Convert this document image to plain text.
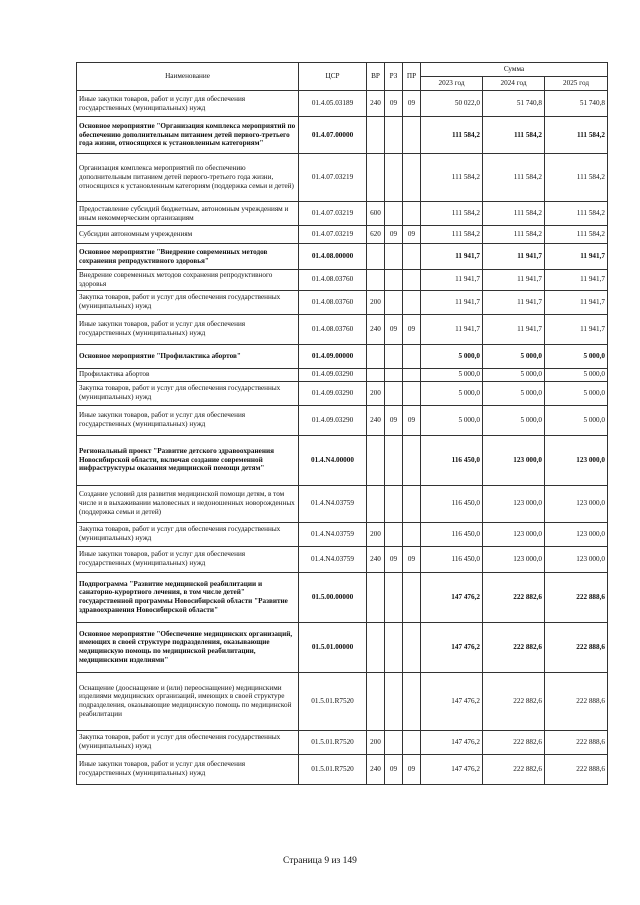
Наименование	ЦСР	ВР	РЗ	ПР	Сумма		
					2023 год	2024 год	2025 год
Иные закупки товаров, работ и услуг для обеспечения государственных (муниципальных) нужд	01.4.05.03189	240	09	09	50 022,0	51 740,8	51 740,8
Основное мероприятие "Организация комплекса мероприятий по обеспечению дополнительным питанием детей первого-третьего года жизни, относящихся к установленным категориям"	01.4.07.00000				111 584,2	111 584,2	111 584,2
Организация комплекса мероприятий по обеспечению дополнительным питанием детей первого-третьего года жизни, относящихся к установленным категориям (поддержка семьи и детей)	01.4.07.03219				111 584,2	111 584,2	111 584,2
Предоставление субсидий бюджетным, автономным учреждениям и иным некоммерческим организациям	01.4.07.03219	600			111 584,2	111 584,2	111 584,2
Субсидии автономным учреждениям	01.4.07.03219	620	09	09	111 584,2	111 584,2	111 584,2
Основное мероприятие "Внедрение современных методов сохранения репродуктивного здоровья"	01.4.08.00000				11 941,7	11 941,7	11 941,7
Внедрение современных методов сохранения репродуктивного здоровья	01.4.08.03760				11 941,7	11 941,7	11 941,7
Закупка товаров, работ и услуг для обеспечения государственных (муниципальных) нужд	01.4.08.03760	200			11 941,7	11 941,7	11 941,7
Иные закупки товаров, работ и услуг для обеспечения государственных (муниципальных) нужд	01.4.08.03760	240	09	09	11 941,7	11 941,7	11 941,7
Основное мероприятие "Профилактика абортов"	01.4.09.00000				5 000,0	5 000,0	5 000,0
Профилактика абортов	01.4.09.03290				5 000,0	5 000,0	5 000,0
Закупка товаров, работ и услуг для обеспечения государственных (муниципальных) нужд	01.4.09.03290	200			5 000,0	5 000,0	5 000,0
Иные закупки товаров, работ и услуг для обеспечения государственных (муниципальных) нужд	01.4.09.03290	240	09	09	5 000,0	5 000,0	5 000,0
Региональный проект "Развитие детского здравоохранения Новосибирской области, включая создание современной инфраструктуры оказания медицинской помощи детям"	01.4.N4.00000				116 450,0	123 000,0	123 000,0
Создание условий для развития медицинской помощи детям, в том числе и в выхаживании маловесных и недоношенных новорожденных (поддержка семьи и детей)	01.4.N4.03759				116 450,0	123 000,0	123 000,0
Закупка товаров, работ и услуг для обеспечения государственных (муниципальных) нужд	01.4.N4.03759	200			116 450,0	123 000,0	123 000,0
Иные закупки товаров, работ и услуг для обеспечения государственных (муниципальных) нужд	01.4.N4.03759	240	09	09	116 450,0	123 000,0	123 000,0
Подпрограмма "Развитие медицинской реабилитации и санаторно-курортного лечения, в том числе детей" государственной программы Новосибирской области "Развитие здравоохранения Новосибирской области"	01.5.00.00000				147 476,2	222 882,6	222 888,6
Основное мероприятие "Обеспечение медицинских организаций, имеющих в своей структуре подразделения, оказывающие медицинскую помощь по медицинской реабилитации, медицинскими изделиями"	01.5.01.00000				147 476,2	222 882,6	222 888,6
Оснащение (дооснащение и (или) переоснащение) медицинскими изделиями медицинских организаций, имеющих в своей структуре подразделения, оказывающие медицинскую помощь по медицинской реабилитации	01.5.01.R7520				147 476,2	222 882,6	222 888,6
Закупка товаров, работ и услуг для обеспечения государственных (муниципальных) нужд	01.5.01.R7520	200			147 476,2	222 882,6	222 888,6
Иные закупки товаров, работ и услуг для обеспечения государственных (муниципальных) нужд	01.5.01.R7520	240	09	09	147 476,2	222 882,6	222 888,6
Страница 9 из 149
